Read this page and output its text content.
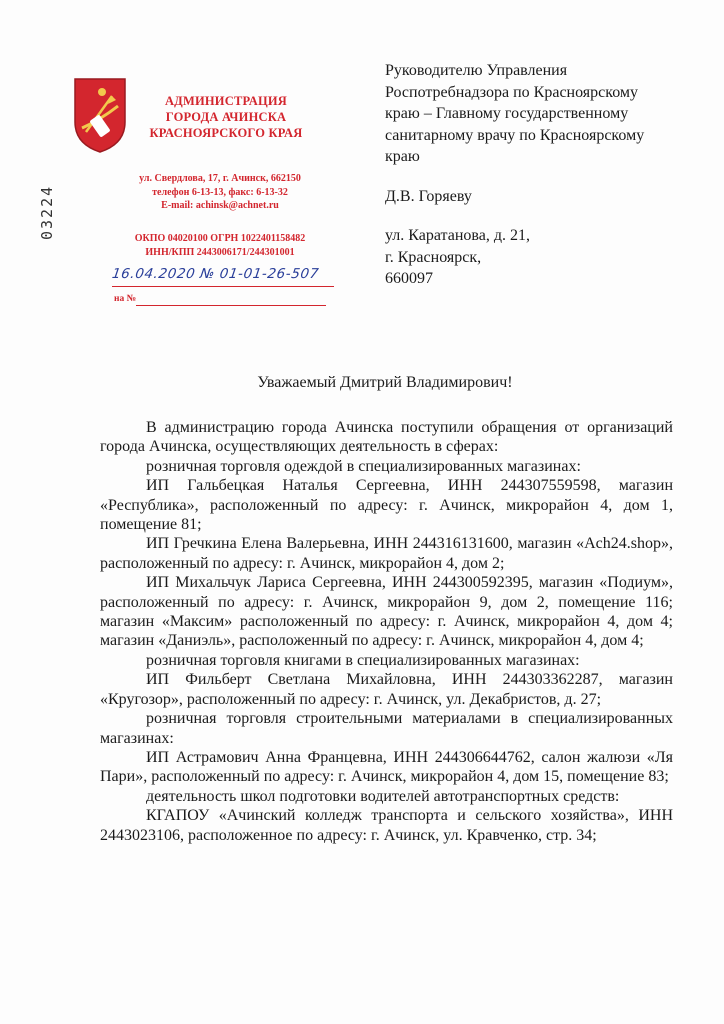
АДМИНИСТРАЦИЯ
ГОРОДА АЧИНСКА
КРАСНОЯРСКОГО КРАЯ
ул. Свердлова, 17, г. Ачинск, 662150
телефон 6-13-13, факс: 6-13-32
E-mail: achinsk@achnet.ru
ОКПО 04020100 ОГРН 1022401158482
ИНН/КПП 2443006171/244301001
16.04.2020 № 01-01-26-507
на №
03224

Руководителю Управления

Роспотребнадзора по Красноярскому

краю – Главному государственному

санитарному врачу по Красноярскому

краю

Д.В. Горяеву

ул. Каратанова, д. 21,

г. Красноярск,

660097

Уважаемый Дмитрий Владимирович!

В администрацию города Ачинска поступили обращения от организаций города Ачинска, осуществляющих деятельность в сферах:

розничная торговля одеждой в специализированных магазинах:

ИП Гальбецкая Наталья Сергеевна, ИНН 244307559598, магазин «Республика», расположенный по адресу: г. Ачинск, микрорайон 4, дом 1, помещение 81;

ИП Гречкина Елена Валерьевна, ИНН 244316131600, магазин «Ach24.shop», расположенный по адресу: г. Ачинск, микрорайон 4, дом 2;

ИП Михальчук Лариса Сергеевна, ИНН 244300592395, магазин «Подиум», расположенный по адресу: г. Ачинск, микрорайон 9, дом 2, помещение 116; магазин «Максим» расположенный по адресу: г. Ачинск, микрорайон 4, дом 4; магазин «Даниэль», расположенный по адресу: г. Ачинск, микрорайон 4, дом 4;

розничная торговля книгами в специализированных магазинах:

ИП Фильберт Светлана Михайловна, ИНН 244303362287, магазин «Кругозор», расположенный по адресу: г. Ачинск, ул. Декабристов, д. 27;

розничная торговля строительными материалами в специализированных магазинах:

ИП Астрамович Анна Францевна, ИНН 244306644762, салон жалюзи «Ля Пари», расположенный по адресу: г. Ачинск, микрорайон 4, дом 15, помещение 83;

деятельность школ подготовки водителей автотранспортных средств:

КГАПОУ «Ачинский колледж транспорта и сельского хозяйства», ИНН 2443023106, расположенное по адресу: г. Ачинск, ул. Кравченко, стр. 34;
